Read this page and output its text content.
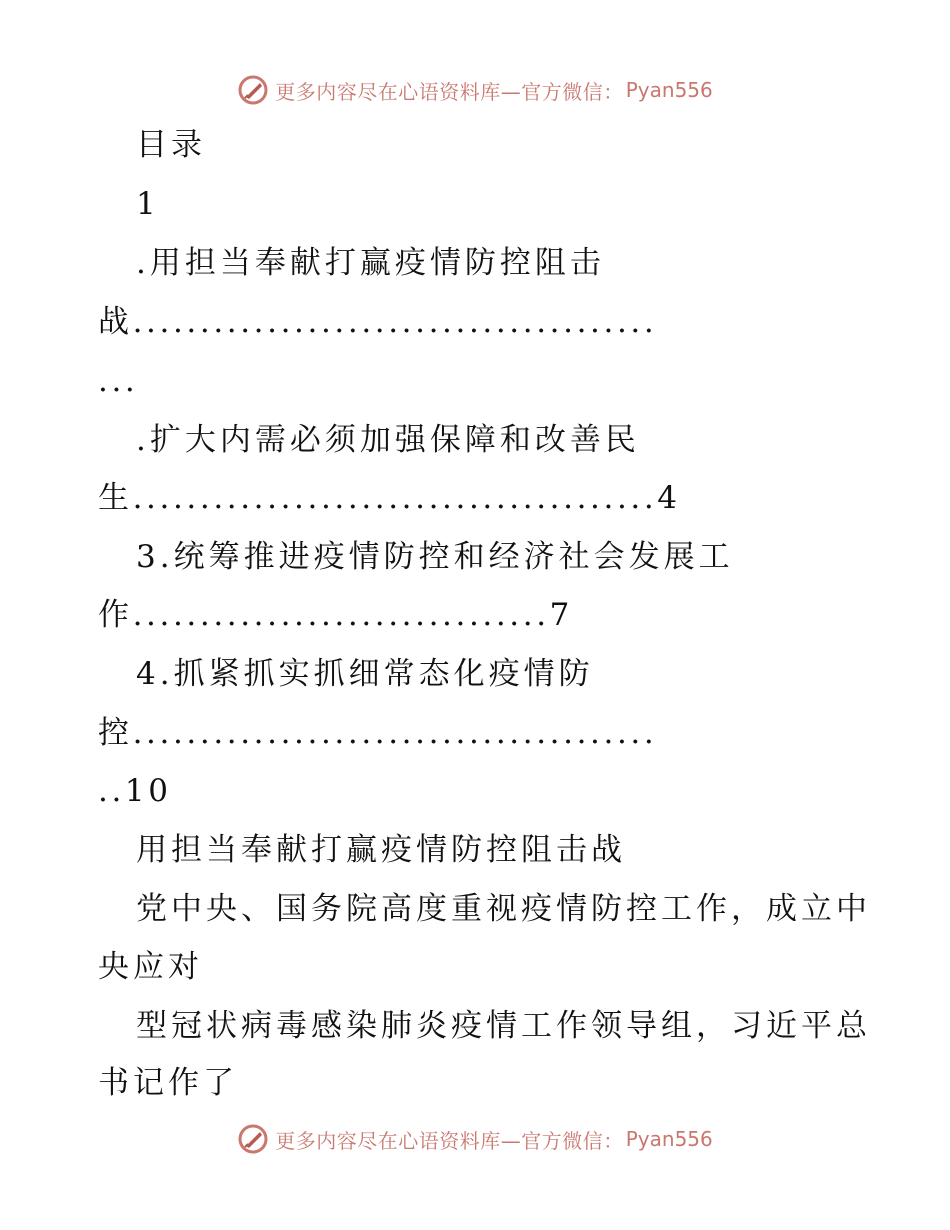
更多内容尽在心语资料库—官方微信： Pyan556
目录
1
.用担当奉献打赢疫情防控阻击
战.......................................
...
.扩大内需必须加强保障和改善民
生.......................................4
3.统筹推进疫情防控和经济社会发展工
作...............................7
4.抓紧抓实抓细常态化疫情防
控.......................................
..10
用担当奉献打赢疫情防控阻击战
党中央、国务院高度重视疫情防控工作，成立中
央应对
型冠状病毒感染肺炎疫情工作领导组，习近平总
书记作了
更多内容尽在心语资料库—官方微信： Pyan556
